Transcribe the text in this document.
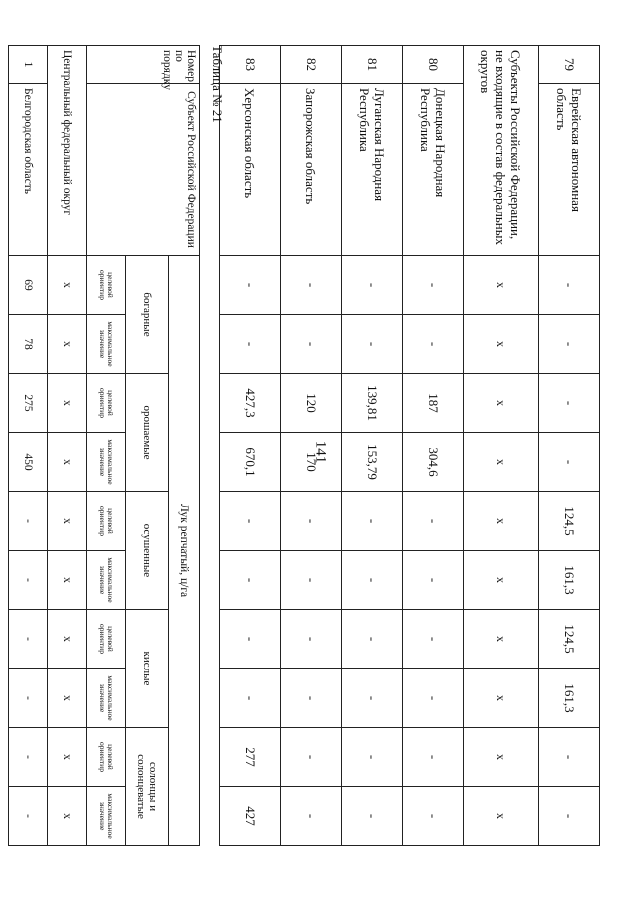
141
79	Еврейская автономная область	-	-	-	-	124,5	161,3	124,5	161,3	-	-
Субъекты Российской Федерации, не входящие в состав федеральных округов		x	x	x	x	x	x	x	x	x	x
80	Донецкая Народная Республика	-	-	187	304,6	-	-	-	-	-	-
81	Луганская Народная Республика	-	-	139,81	153,79	-	-	-	-	-	-
82	Запорожская область	-	-	120	170	-	-	-	-	-	-
83	Херсонская область	-	-	427,3	670,1	-	-	-	-	277	427
Таблица № 21
Номер по порядку	Субъект Российской Федерации	Лук репчатый, ц/га									
		богарные		орошаемые		осушенные		кислые		солонцы и солонцеватые	
		целевой ориентир	максимальное значение	целевой ориентир	максимальное значение	целевой ориентир	максимальное значение	целевой ориентир	максимальное значение	целевой ориентир	максимальное значение
Центральный федеральный округ		x	x	x	x	x	x	x	x	x	x
1	Белгородская область	69	78	275	450	-	-	-	-	-	-
